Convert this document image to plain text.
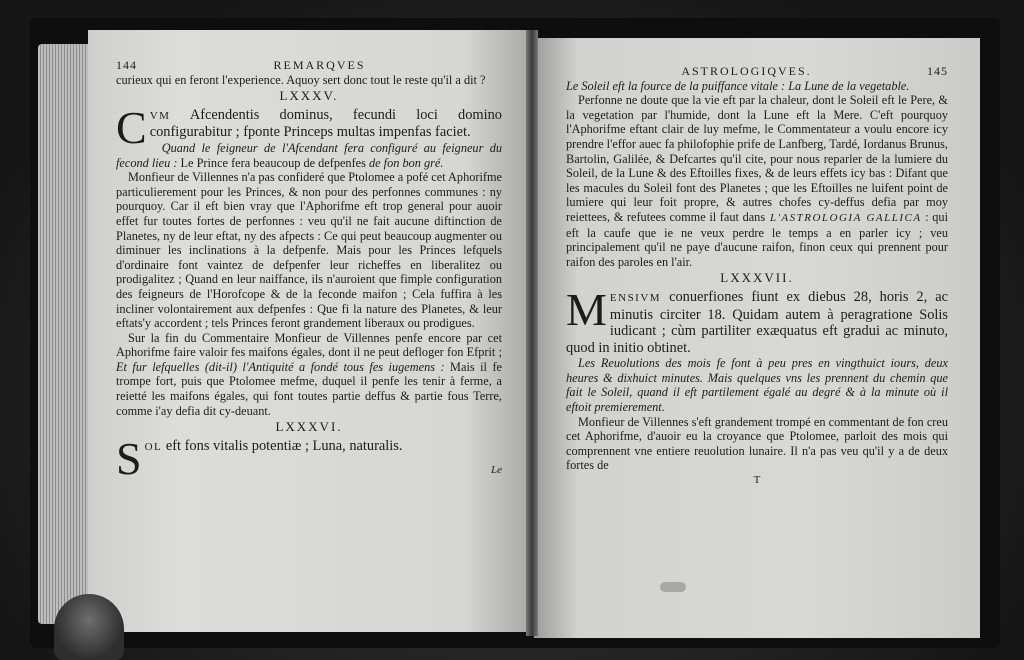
144	REMARQVES

curieux qui en feront l'experience. Aquoy sert donc tout le reste qu'il a dit ?

LXXXV.

CVM Afcendentis dominus, fecundi loci domino configurabitur ; fponte Princeps multas impenfas faciet.

Quand le feigneur de l'Afcendant fera configuré au feigneur du fecond lieu : Le Prince fera beaucoup de defpenfes de fon bon gré.

Monfieur de Villennes n'a pas confideré que Ptolomee a pofé cet Aphorifme particulierement pour les Princes, & non pour des perfonnes communes : ny pourquoy. Car il eft bien vray que l'Aphorifme eft trop general pour auoir effet fur toutes fortes de perfonnes : veu qu'il ne fait aucune diftinction de Planetes, ny de leur eftat, ny des afpects : Ce qui peut beaucoup augmenter ou diminuer les inclinations à la defpenfe. Mais pour les Princes lefquels d'ordinaire font vaintez de defpenfer leur richeffes en liberalitez ou prodigalitez ; Quand en leur naiffance, ils n'auroient que fimple configuration des feigneurs de l'Horofcope & de la feconde maifon ; Cela fuffira à les incliner volontairement aux defpenfes : Que fi la nature des Planetes, & leur eftats'y accordent ; tels Princes feront grandement liberaux ou prodigues.

Sur la fin du Commentaire Monfieur de Villennes penfe encore par cet Aphorifme faire valoir fes maifons égales, dont il ne peut defloger fon Efprit ; Et fur lefquelles (dit-il) l'Antiquité a fondé tous fes iugemens : Mais il fe trompe fort, puis que Ptolomee mefme, duquel il penfe les tenir à ferme, a reietté les maifons égales, qui font toutes partie deffus & partie fous Terre, comme i'ay defia dit cy-deuant.

LXXXVI.

SOL eft fons vitalis potentiæ ; Luna, naturalis.

Le
ASTROLOGIQVES.	145

Le Soleil eft la fource de la puiffance vitale : La Lune de la vegetable.

Perfonne ne doute que la vie eft par la chaleur, dont le Soleil eft le Pere, & la vegetation par l'humide, dont la Lune eft la Mere. C'eft pourquoy l'Aphorifme eftant clair de luy mefme, le Commentateur a voulu encore icy prendre l'effor auec fa philofophie prife de Lanfberg, Tardé, Iordanus Brunus, Bartolin, Galilée, & Defcartes qu'il cite, pour nous reparler de la lumiere du Soleil, de la Lune & des Eftoilles fixes, & de leurs effets icy bas : Difant que les macules du Soleil font des Planetes ; que les Eftoilles ne luifent point de lumiere qui leur foit propre, & autres chofes cy-deffus defia par moy reiettees, & refutees comme il faut dans L'ASTROLOGIA GALLICA : qui eft la caufe que ie ne veux perdre le temps a en parler icy ; veu principalement qu'il ne paye d'aucune raifon, finon ceux qui prennent pour raifon des paroles en l'air.

LXXXVII.

MENSIVM conuerfiones fiunt ex diebus 28, horis 2, ac minutis circiter 18. Quidam autem à peragratione Solis iudicant ; cùm partiliter exæquatus eft gradui ac minuto, quod in initio obtinet.

Les Reuolutions des mois fe font à peu pres en vingthuict iours, deux heures & dixhuict minutes. Mais quelques vns les prennent du chemin que fait le Soleil, quand il eft partilement égalé au degré & à la minute où il eftoit premierement.

Monfieur de Villennes s'eft grandement trompé en commentant de fon creu cet Aphorifme, d'auoir eu la croyance que Ptolomee, parloit des mois qui comprennent vne entiere reuolution lunaire. Il n'a pas veu qu'il y a de deux fortes de

T
